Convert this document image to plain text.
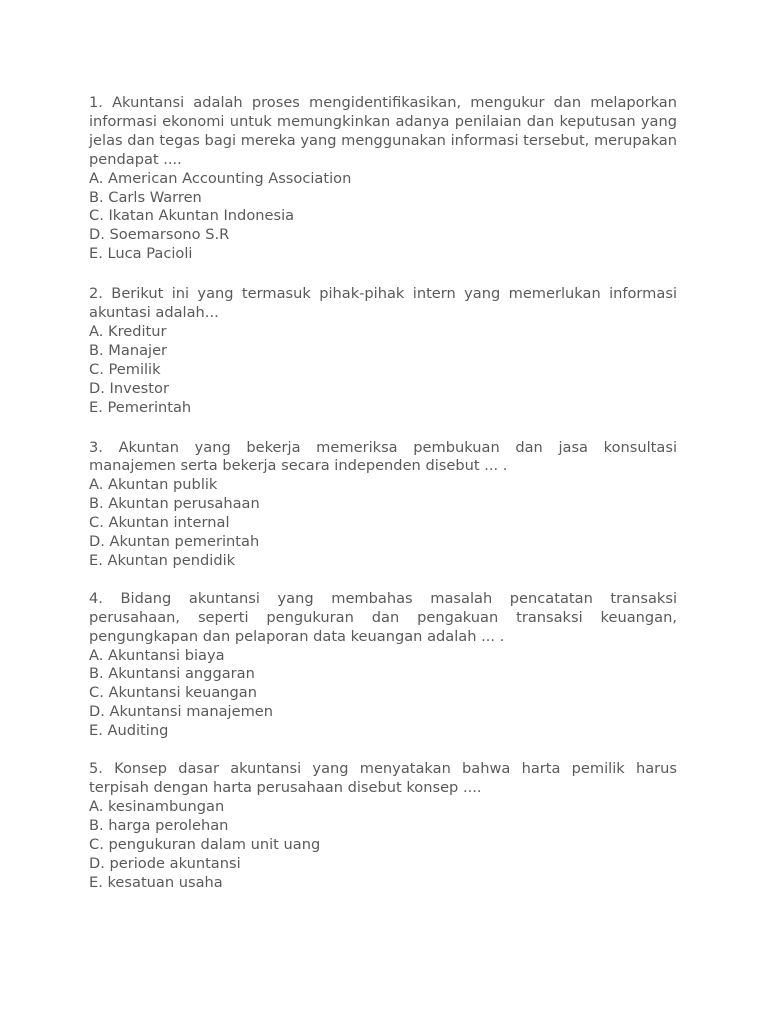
1. Akuntansi adalah proses mengidentifikasikan, mengukur dan melaporkan informasi ekonomi untuk memungkinkan adanya penilaian dan keputusan yang jelas dan tegas bagi mereka yang menggunakan informasi tersebut, merupakan pendapat ....

A. American Accounting Association
B. Carls Warren
C. Ikatan Akuntan Indonesia
D. Soemarsono S.R
E. Luca Pacioli

2. Berikut ini yang termasuk pihak-pihak intern yang memerlukan informasi akuntasi adalah...

A. Kreditur
B. Manajer
C. Pemilik
D. Investor
E. Pemerintah

3. Akuntan yang bekerja memeriksa pembukuan dan jasa konsultasi manajemen serta bekerja secara independen disebut ... .

A. Akuntan publik
B. Akuntan perusahaan
C. Akuntan internal
D. Akuntan pemerintah
E. Akuntan pendidik

4. Bidang akuntansi yang membahas masalah pencatatan transaksi perusahaan, seperti pengukuran dan pengakuan transaksi keuangan, pengungkapan dan pelaporan data keuangan adalah ... .

A. Akuntansi biaya
B. Akuntansi anggaran
C. Akuntansi keuangan
D. Akuntansi manajemen
E. Auditing

5. Konsep dasar akuntansi yang menyatakan bahwa harta pemilik harus terpisah dengan harta perusahaan disebut konsep ....

A. kesinambungan
B. harga perolehan
C. pengukuran dalam unit uang
D. periode akuntansi
E. kesatuan usaha
